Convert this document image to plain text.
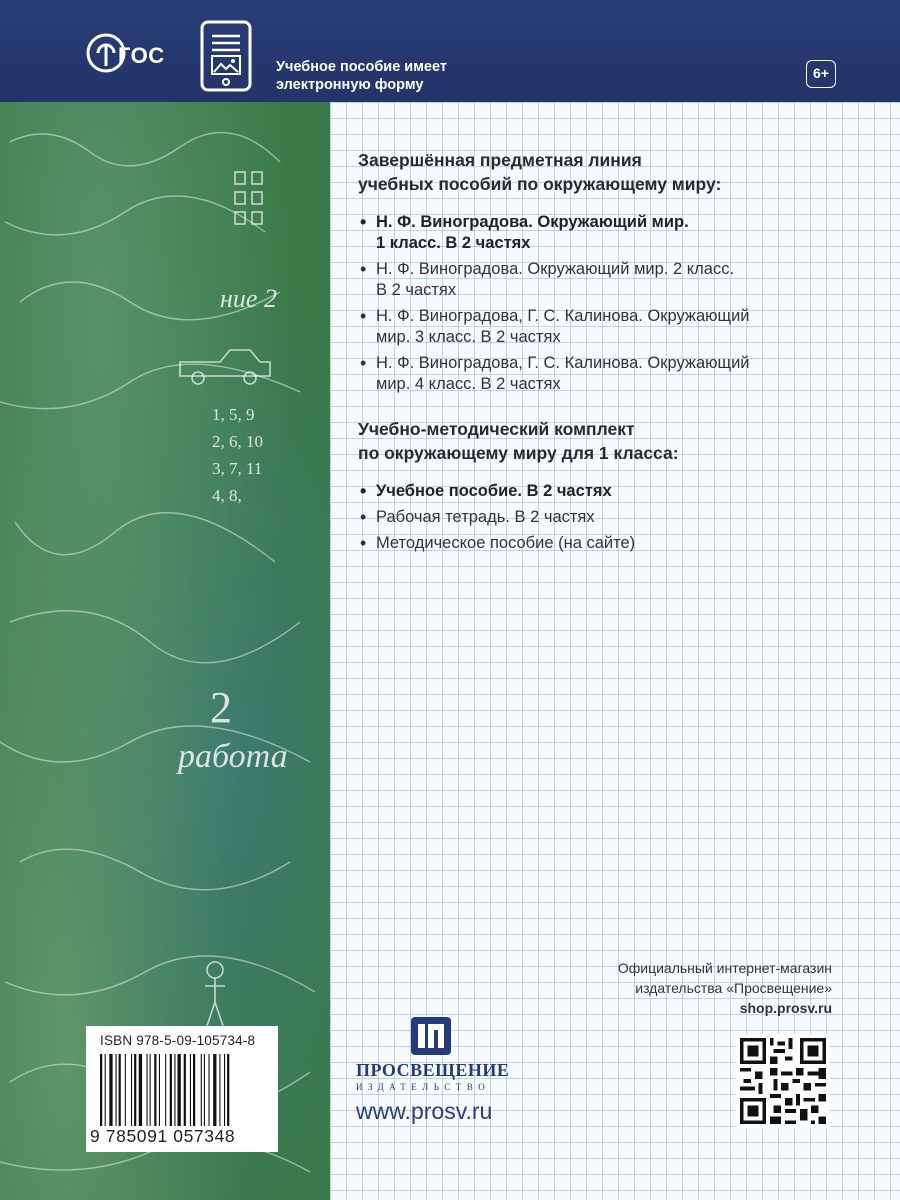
ГОС	Учебное пособие имеет
электронную форму
6+
1, 5, 9
2, 6, 10
3, 7, 11
4, 8,
2
ние 2
работа
Завершённая предметная линия
учебных пособий по окружающему миру:
• Н. Ф. Виноградова. Окружающий мир.
1 класс. В 2 частях
• Н. Ф. Виноградова. Окружающий мир. 2 класс.
В 2 частях
• Н. Ф. Виноградова, Г. С. Калинова. Окружающий
мир. 3 класс. В 2 частях
• Н. Ф. Виноградова, Г. С. Калинова. Окружающий
мир. 4 класс. В 2 частях
Учебно-методический комплект
по окружающему миру для 1 класса:
• Учебное пособие. В 2 частях
• Рабочая тетрадь. В 2 частях
• Методическое пособие (на сайте)
Официальный интернет-магазин
издательства «Просвещение»
shop.prosv.ru
ISBN 978-5-09-105734-8
9 785091 057348
ПРОСВЕЩЕНИЕ
ИЗДАТЕЛЬСТВО
www.prosv.ru
